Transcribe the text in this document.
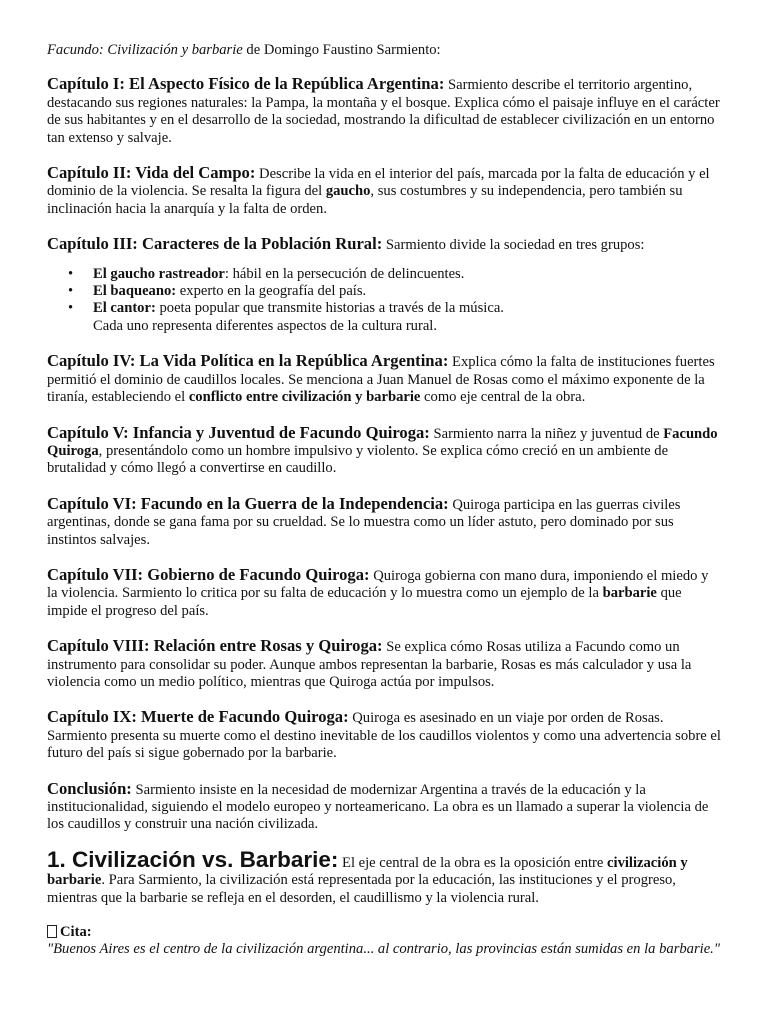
Facundo: Civilización y barbarie de Domingo Faustino Sarmiento:

Capítulo I: El Aspecto Físico de la República Argentina: Sarmiento describe el territorio argentino, destacando sus regiones naturales: la Pampa, la montaña y el bosque. Explica cómo el paisaje influye en el carácter de sus habitantes y en el desarrollo de la sociedad, mostrando la dificultad de establecer civilización en un entorno tan extenso y salvaje.

Capítulo II: Vida del Campo: Describe la vida en el interior del país, marcada por la falta de educación y el dominio de la violencia. Se resalta la figura del gaucho, sus costumbres y su independencia, pero también su inclinación hacia la anarquía y la falta de orden.

Capítulo III: Caracteres de la Población Rural: Sarmiento divide la sociedad en tres grupos:

• El gaucho rastreador: hábil en la persecución de delincuentes.
• El baqueano: experto en la geografía del país.
• El cantor: poeta popular que transmite historias a través de la música.

Cada uno representa diferentes aspectos de la cultura rural.

Capítulo IV: La Vida Política en la República Argentina: Explica cómo la falta de instituciones fuertes permitió el dominio de caudillos locales. Se menciona a Juan Manuel de Rosas como el máximo exponente de la tiranía, estableciendo el conflicto entre civilización y barbarie como eje central de la obra.

Capítulo V: Infancia y Juventud de Facundo Quiroga: Sarmiento narra la niñez y juventud de Facundo Quiroga, presentándolo como un hombre impulsivo y violento. Se explica cómo creció en un ambiente de brutalidad y cómo llegó a convertirse en caudillo.

Capítulo VI: Facundo en la Guerra de la Independencia: Quiroga participa en las guerras civiles argentinas, donde se gana fama por su crueldad. Se lo muestra como un líder astuto, pero dominado por sus instintos salvajes.

Capítulo VII: Gobierno de Facundo Quiroga: Quiroga gobierna con mano dura, imponiendo el miedo y la violencia. Sarmiento lo critica por su falta de educación y lo muestra como un ejemplo de la barbarie que impide el progreso del país.

Capítulo VIII: Relación entre Rosas y Quiroga: Se explica cómo Rosas utiliza a Facundo como un instrumento para consolidar su poder. Aunque ambos representan la barbarie, Rosas es más calculador y usa la violencia como un medio político, mientras que Quiroga actúa por impulsos.

Capítulo IX: Muerte de Facundo Quiroga: Quiroga es asesinado en un viaje por orden de Rosas. Sarmiento presenta su muerte como el destino inevitable de los caudillos violentos y como una advertencia sobre el futuro del país si sigue gobernado por la barbarie.

Conclusión: Sarmiento insiste en la necesidad de modernizar Argentina a través de la educación y la institucionalidad, siguiendo el modelo europeo y norteamericano. La obra es un llamado a superar la violencia de los caudillos y construir una nación civilizada.

1. Civilización vs. Barbarie: El eje central de la obra es la oposición entre civilización y barbarie. Para Sarmiento, la civilización está representada por la educación, las instituciones y el progreso, mientras que la barbarie se refleja en el desorden, el caudillismo y la violencia rural.

Cita:

"Buenos Aires es el centro de la civilización argentina... al contrario, las provincias están sumidas en la barbarie."
